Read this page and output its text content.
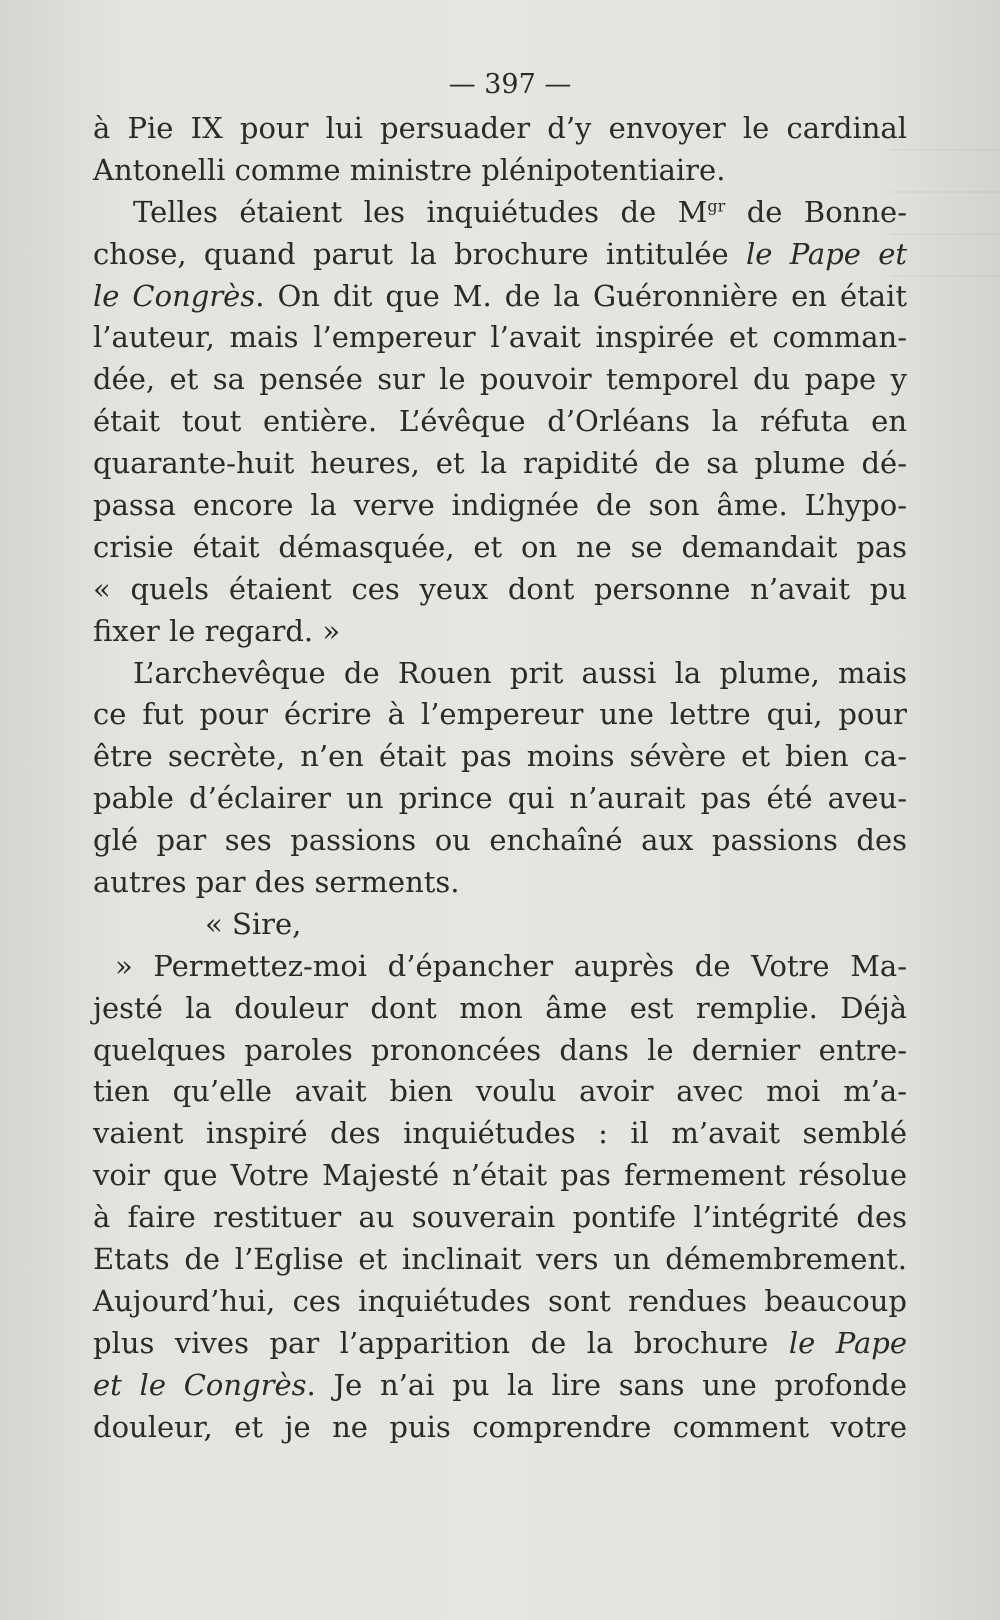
— 397 —
à Pie IX pour lui persuader d’y envoyer le cardinal
Antonelli comme ministre plénipotentiaire.
Telles étaient les inquiétudes de $M^{gr}$ de Bonne-
chose, quand parut la brochure intitulée le Pape et
le Congrès. On dit que M. de la Guéronnière en était
l’auteur, mais l’empereur l’avait inspirée et comman-
dée, et sa pensée sur le pouvoir temporel du pape y
était tout entière. L’évêque d’Orléans la réfuta en
quarante-huit heures, et la rapidité de sa plume dé-
passa encore la verve indignée de son âme. L’hypo-
crisie était démasquée, et on ne se demandait pas
« quels étaient ces yeux dont personne n’avait pu
fixer le regard. »
L’archevêque de Rouen prit aussi la plume, mais
ce fut pour écrire à l’empereur une lettre qui, pour
être secrète, n’en était pas moins sévère et bien ca-
pable d’éclairer un prince qui n’aurait pas été aveu-
glé par ses passions ou enchaîné aux passions des
autres par des serments.
« Sire,
» Permettez-moi d’épancher auprès de Votre Ma-
jesté la douleur dont mon âme est remplie. Déjà
quelques paroles prononcées dans le dernier entre-
tien qu’elle avait bien voulu avoir avec moi m’a-
vaient inspiré des inquiétudes : il m’avait semblé
voir que Votre Majesté n’était pas fermement résolue
à faire restituer au souverain pontife l’intégrité des
Etats de l’Eglise et inclinait vers un démembrement.
Aujourd’hui, ces inquiétudes sont rendues beaucoup
plus vives par l’apparition de la brochure le Pape
et le Congrès. Je n’ai pu la lire sans une profonde
douleur, et je ne puis comprendre comment votre
